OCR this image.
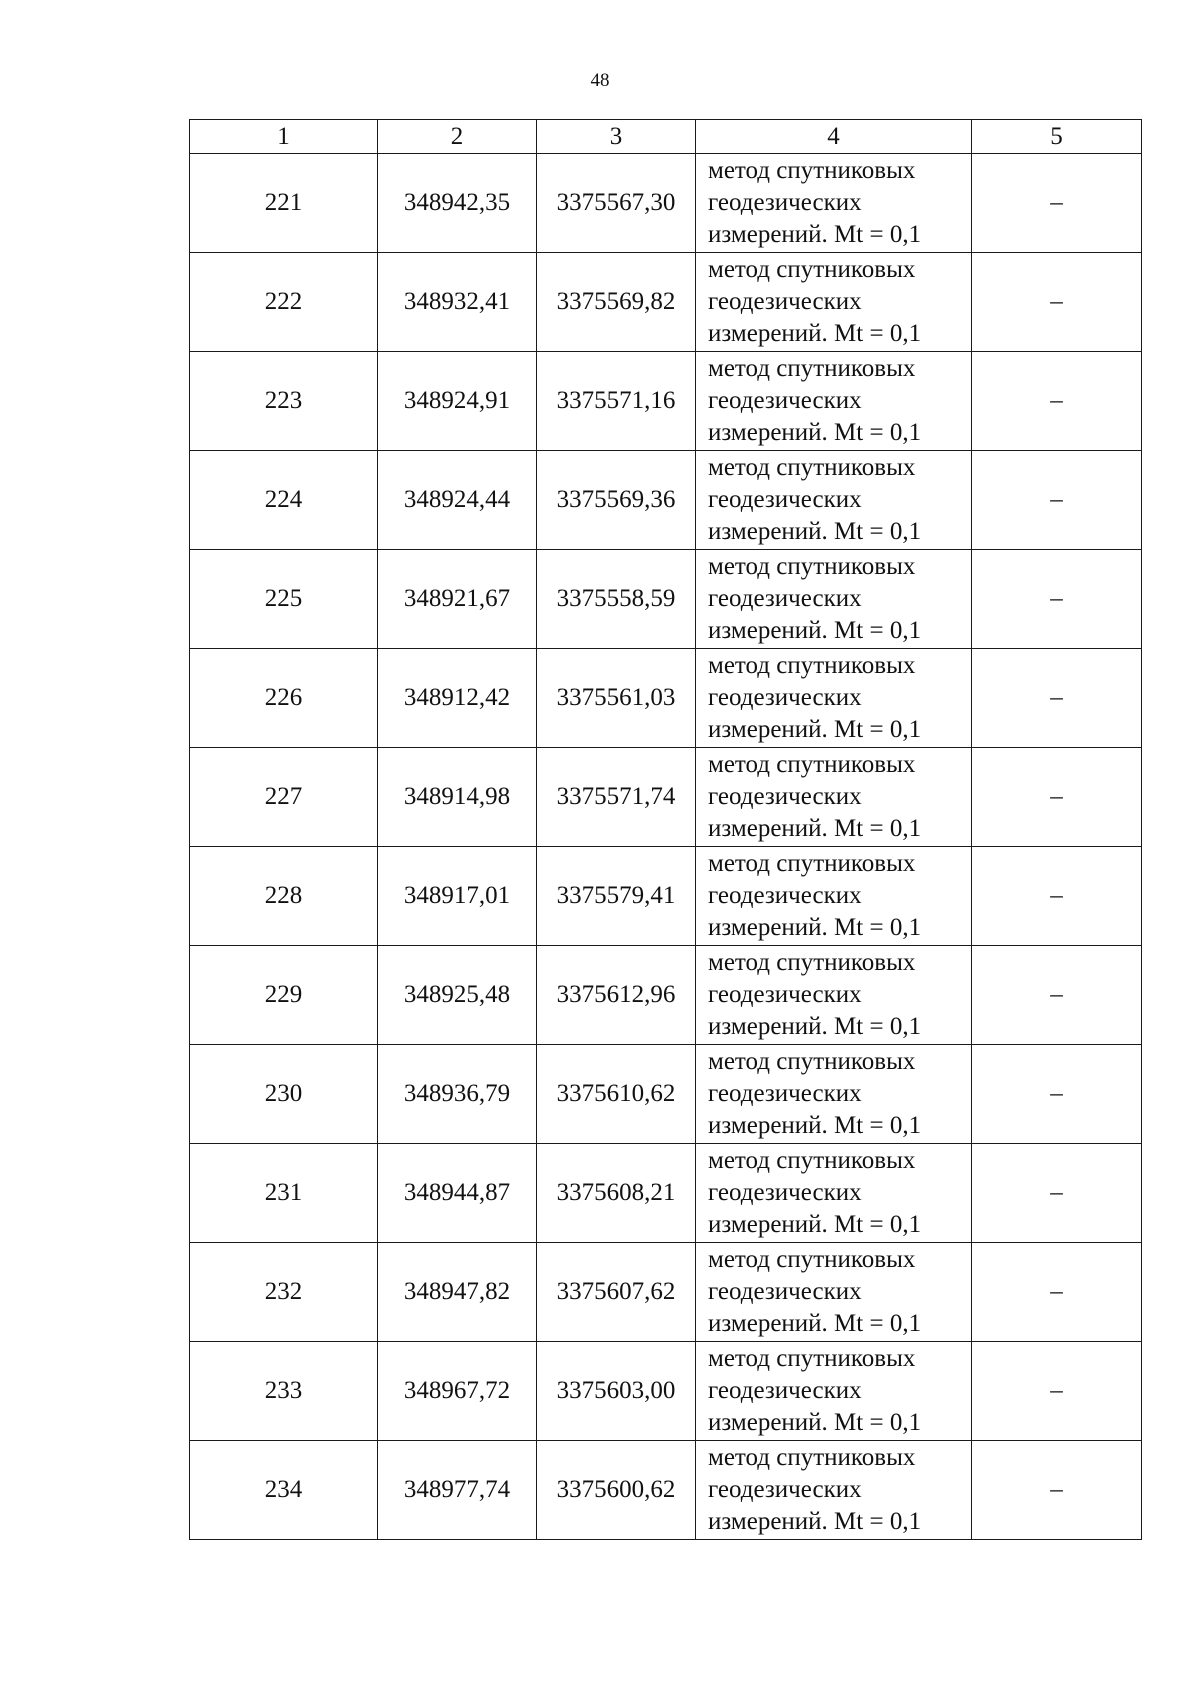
48
1	2	3	4	5
221	348942,35	3375567,30	метод спутниковых
геодезических
измерений. Mt = 0,1	–
222	348932,41	3375569,82	метод спутниковых
геодезических
измерений. Mt = 0,1	–
223	348924,91	3375571,16	метод спутниковых
геодезических
измерений. Mt = 0,1	–
224	348924,44	3375569,36	метод спутниковых
геодезических
измерений. Mt = 0,1	–
225	348921,67	3375558,59	метод спутниковых
геодезических
измерений. Mt = 0,1	–
226	348912,42	3375561,03	метод спутниковых
геодезических
измерений. Mt = 0,1	–
227	348914,98	3375571,74	метод спутниковых
геодезических
измерений. Mt = 0,1	–
228	348917,01	3375579,41	метод спутниковых
геодезических
измерений. Mt = 0,1	–
229	348925,48	3375612,96	метод спутниковых
геодезических
измерений. Mt = 0,1	–
230	348936,79	3375610,62	метод спутниковых
геодезических
измерений. Mt = 0,1	–
231	348944,87	3375608,21	метод спутниковых
геодезических
измерений. Mt = 0,1	–
232	348947,82	3375607,62	метод спутниковых
геодезических
измерений. Mt = 0,1	–
233	348967,72	3375603,00	метод спутниковых
геодезических
измерений. Mt = 0,1	–
234	348977,74	3375600,62	метод спутниковых
геодезических
измерений. Mt = 0,1	–
